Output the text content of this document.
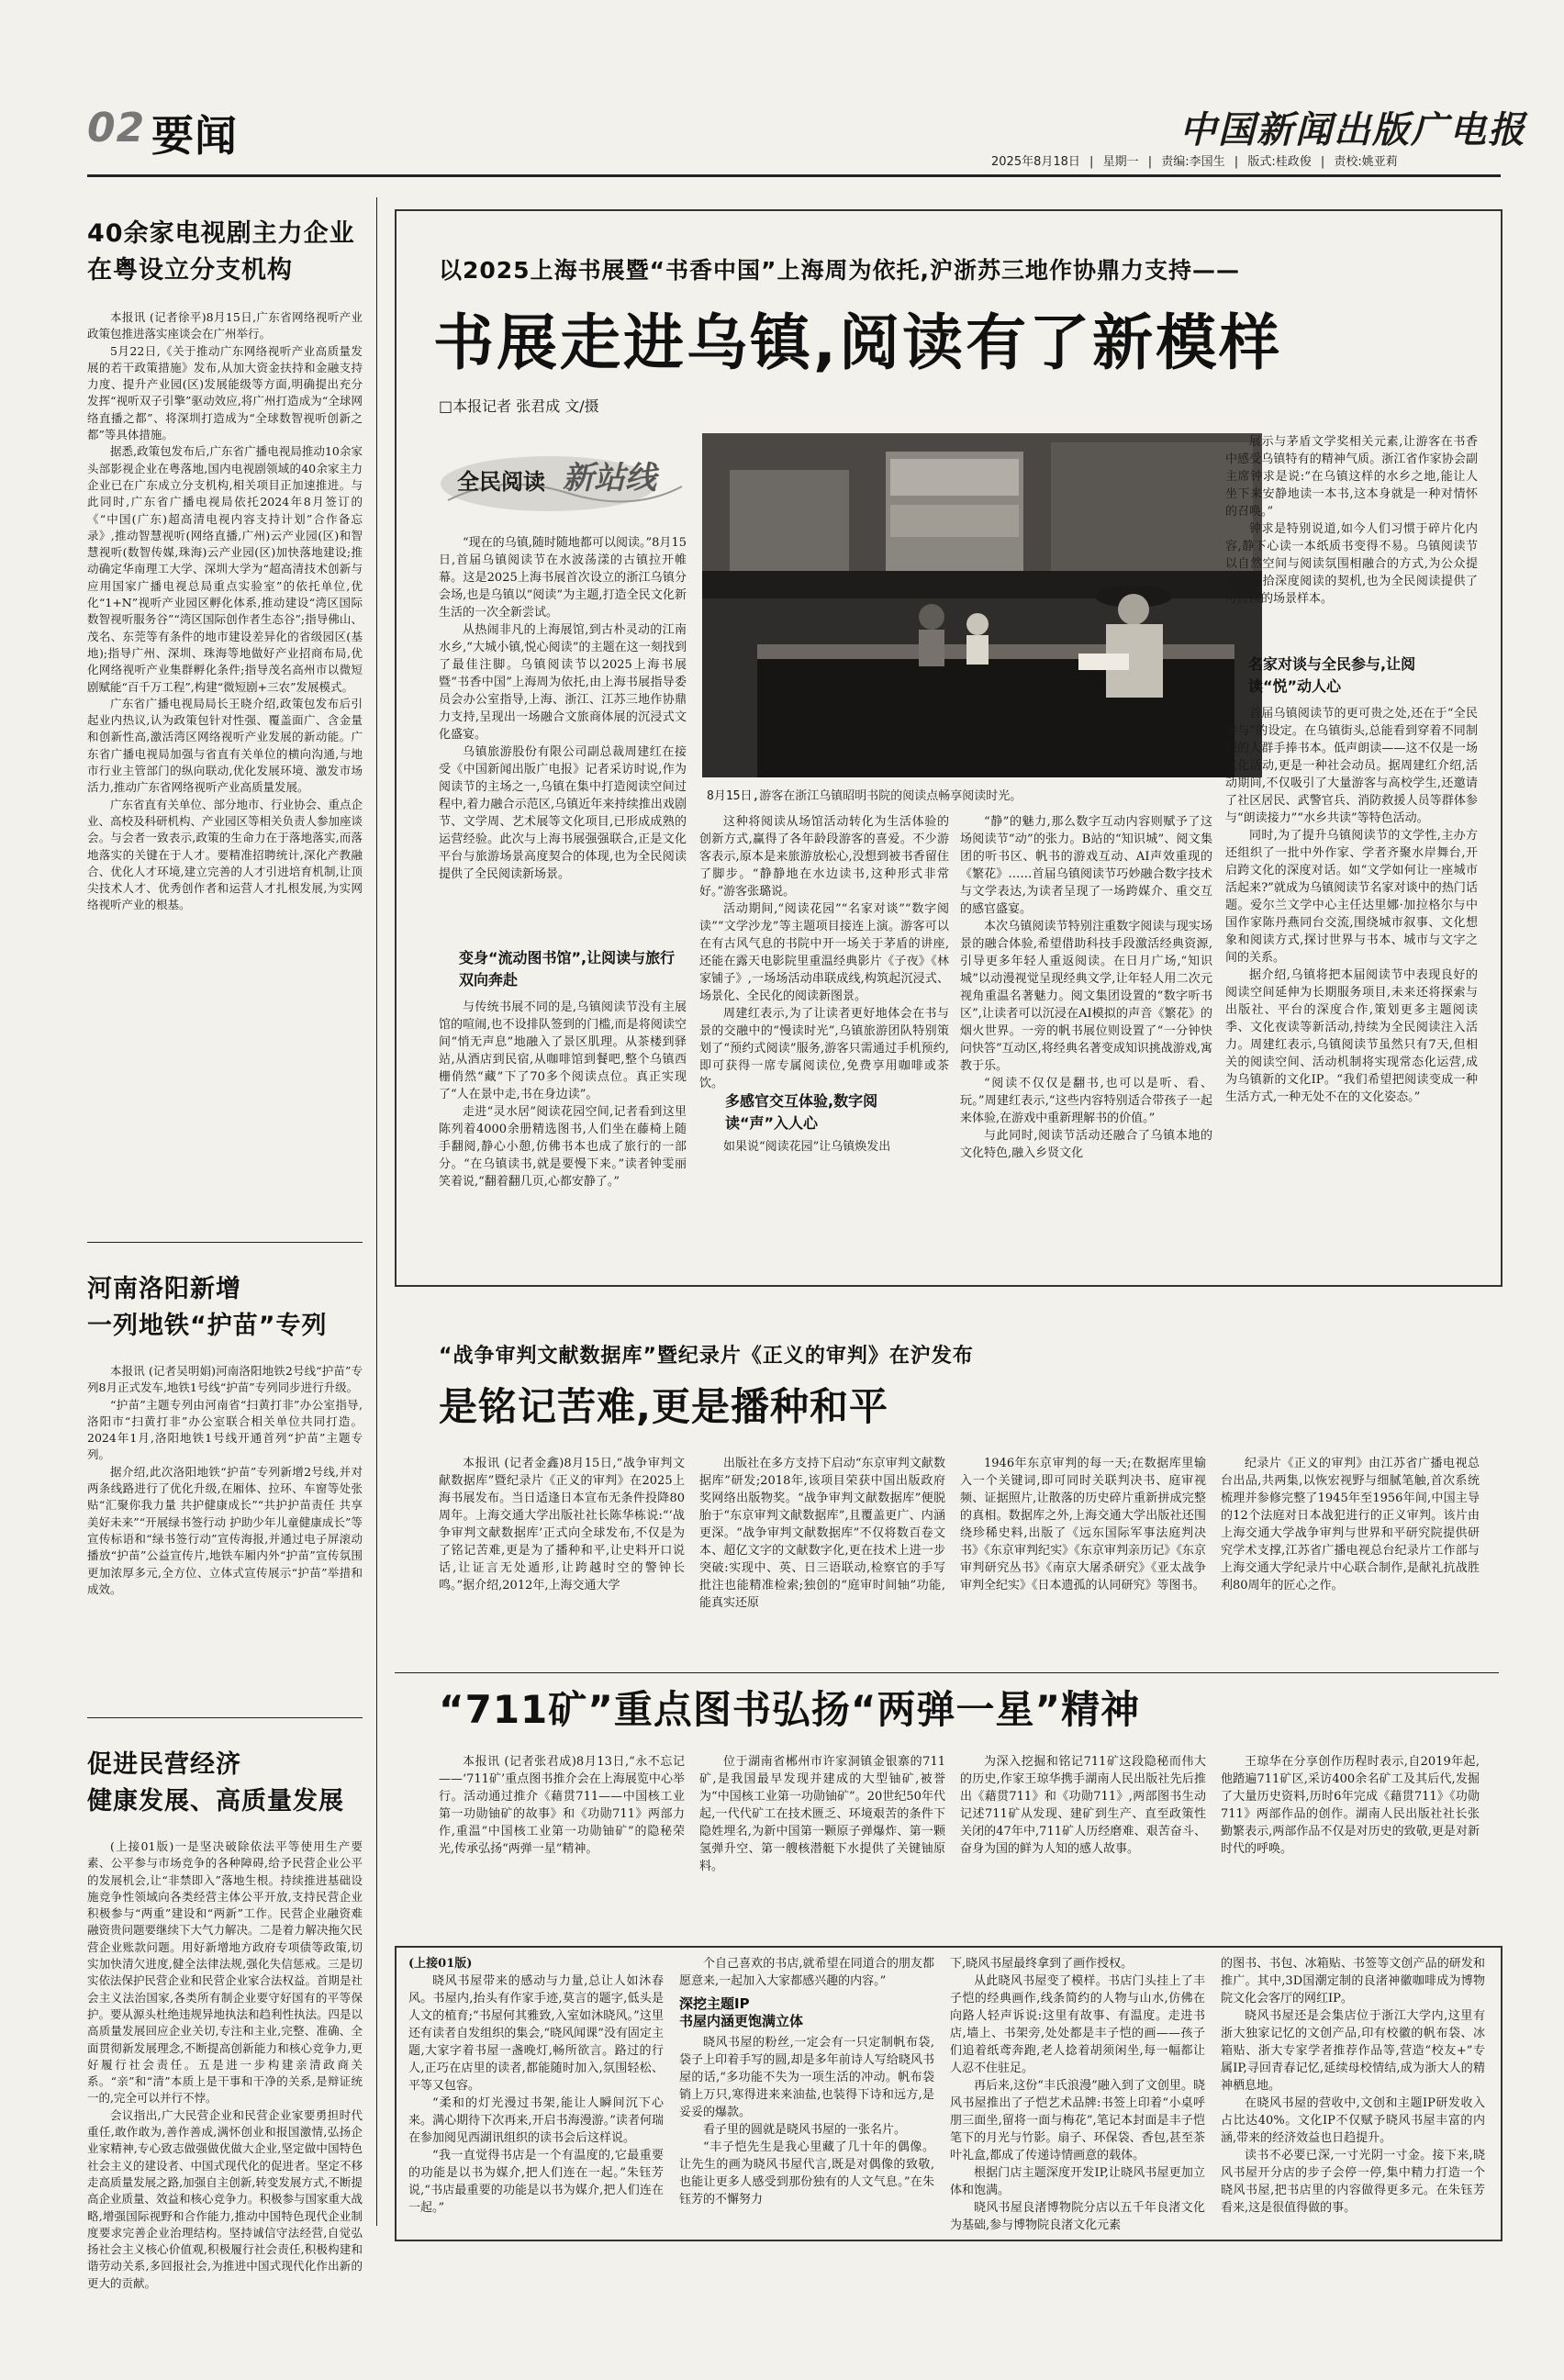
02 要闻	中国新闻出版广电报
2025年8月18日 | 星期一 | 责编:李国生 | 版式:桂政俊 | 责校:姚亚莉
40余家电视剧主力企业
在粤设立分支机构

本报讯 (记者徐平)8月15日,广东省网络视听产业政策包推进落实座谈会在广州举行。

5月22日,《关于推动广东网络视听产业高质量发展的若干政策措施》发布,从加大资金扶持和金融支持力度、提升产业园(区)发展能级等方面,明确提出充分发挥“视听双子引擎”驱动效应,将广州打造成为“全球网络直播之都”、将深圳打造成为“全球数智视听创新之都”等具体措施。

据悉,政策包发布后,广东省广播电视局推动10余家头部影视企业在粤落地,国内电视剧领域的40余家主力企业已在广东成立分支机构,相关项目正加速推进。与此同时,广东省广播电视局依托2024年8月签订的《“中国(广东)超高清电视内容支持计划”合作备忘录》,推动智慧视听(网络直播,广州)云产业园(区)和智慧视听(数智传媒,珠海)云产业园(区)加快落地建设;推动确定华南理工大学、深圳大学为“超高清技术创新与应用国家广播电视总局重点实验室”的依托单位,优化“1+N”视听产业园区孵化体系,推动建设“湾区国际数智视听服务谷”“湾区国际创作者生态谷”;指导佛山、茂名、东莞等有条件的地市建设差异化的省级园区(基地);指导广州、深圳、珠海等地做好产业招商布局,优化网络视听产业集群孵化条件;指导茂名高州市以微短剧赋能“百千万工程”,构建“微短剧+三农”发展模式。

广东省广播电视局局长王晓介绍,政策包发布后引起业内热议,认为政策包针对性强、覆盖面广、含金量和创新性高,激活湾区网络视听产业发展的新动能。广东省广播电视局加强与省直有关单位的横向沟通,与地市行业主管部门的纵向联动,优化发展环境、激发市场活力,推动广东省网络视听产业高质量发展。

广东省直有关单位、部分地市、行业协会、重点企业、高校及科研机构、产业园区等相关负责人参加座谈会。与会者一致表示,政策的生命力在于落地落实,而落地落实的关键在于人才。要精准招聘统计,深化产教融合、优化人才环境,建立完善的人才引进培育机制,让顶尖技术人才、优秀创作者和运营人才扎根发展,为实网络视听产业的根基。

河南洛阳新增
一列地铁“护苗”专列

本报讯 (记者吴明娟)河南洛阳地铁2号线“护苗”专列8月正式发车,地铁1号线“护苗”专列同步进行升级。

“护苗”主题专列由河南省“扫黄打非”办公室指导,洛阳市“扫黄打非”办公室联合相关单位共同打造。2024年1月,洛阳地铁1号线开通首列“护苗”主题专列。

据介绍,此次洛阳地铁“护苗”专列新增2号线,并对两条线路进行了优化升级,在厢体、拉环、车窗等处张贴“汇聚你我力量 共护健康成长”“共护护苗责任 共享美好未来”“开展绿书签行动 护助少年儿童健康成长”等宣传标语和“绿书签行动”宣传海报,并通过电子屏滚动播放“护苗”公益宣传片,地铁车厢内外“护苗”宣传氛围更加浓厚多元,全方位、立体式宣传展示“护苗”举措和成效。

促进民营经济
健康发展、高质量发展

(上接01版)一是坚决破除依法平等使用生产要素、公平参与市场竞争的各种障碍,给予民营企业公平的发展机会,让“非禁即入”落地生根。持续推进基础设施竞争性领域向各类经营主体公平开放,支持民营企业积极参与“两重”建设和“两新”工作。民营企业融资难融资贵问题要继续下大气力解决。二是着力解决拖欠民营企业账款问题。用好新增地方政府专项债等政策,切实加快清欠进度,健全法律法规,强化失信惩戒。三是切实依法保护民营企业和民营企业家合法权益。首期是社会主义法治国家,各类所有制企业要守好国有的平等保护。要从源头杜绝违规异地执法和趋利性执法。四是以高质量发展回应企业关切,专注和主业,完整、准确、全面贯彻新发展理念,不断提高创新能力和核心竞争力,更好履行社会责任。五是进一步构建亲清政商关系。“亲”和“清”本质上是干事和干净的关系,是辩证统一的,完全可以并行不悖。

会议指出,广大民营企业和民营企业家要勇担时代重任,敢作敢为,善作善成,满怀创业和报国激情,弘扬企业家精神,专心致志做强做优做大企业,坚定做中国特色社会主义的建设者、中国式现代化的促进者。坚定不移走高质量发展之路,加强自主创新,转变发展方式,不断提高企业质量、效益和核心竞争力。积极参与国家重大战略,增强国际视野和合作能力,推动中国特色现代企业制度要求完善企业治理结构。坚持诚信守法经营,自觉弘扬社会主义核心价值观,积极履行社会责任,积极构建和谐劳动关系,多回报社会,为推进中国式现代化作出新的更大的贡献。

以2025上海书展暨“书香中国”上海周为依托,沪浙苏三地作协鼎力支持——
书展走进乌镇,阅读有了新模样
□本报记者 张君成 文/摄
全民阅读 新站线
8月15日,游客在浙江乌镇昭明书院的阅读点畅享阅读时光。

“现在的乌镇,随时随地都可以阅读。”8月15日,首届乌镇阅读节在水波荡漾的古镇拉开帷幕。这是2025上海书展首次设立的浙江乌镇分会场,也是乌镇以“阅读”为主题,打造全民文化新生活的一次全新尝试。

从热闹非凡的上海展馆,到古朴灵动的江南水乡,“大城小镇,悦心阅读”的主题在这一刻找到了最佳注脚。乌镇阅读节以2025上海书展暨“书香中国”上海周为依托,由上海书展指导委员会办公室指导,上海、浙江、江苏三地作协鼎力支持,呈现出一场融合文旅商体展的沉浸式文化盛宴。

乌镇旅游股份有限公司副总裁周建红在接受《中国新闻出版广电报》记者采访时说,作为阅读节的主场之一,乌镇在集中打造阅读空间过程中,着力融合示范区,乌镇近年来持续推出戏剧节、文学周、艺术展等文化项目,已形成成熟的运营经验。此次与上海书展强强联合,正是文化平台与旅游场景高度契合的体现,也为全民阅读提供了全民阅读新场景。

变身“流动图书馆”,让阅读与旅行双向奔赴

与传统书展不同的是,乌镇阅读节没有主展馆的喧闹,也不设排队签到的门槛,而是将阅读空间“悄无声息”地融入了景区肌理。从茶楼到驿站,从酒店到民宿,从咖啡馆到餐吧,整个乌镇西栅俏然“藏”下了70多个阅读点位。真正实现了“人在景中走,书在身边读”。

走进“灵水居”阅读花园空间,记者看到这里陈列着4000余册精选图书,人们坐在藤椅上随手翻阅,静心小憩,仿佛书本也成了旅行的一部分。“在乌镇读书,就是要慢下来。”读者钟雯丽笑着说,“翻着翻几页,心都安静了。”

这种将阅读从场馆活动转化为生活体验的创新方式,赢得了各年龄段游客的喜爱。不少游客表示,原本是来旅游放松心,没想到被书香留住了脚步。“静静地在水边读书,这种形式非常好。”游客张璐说。

活动期间,“阅读花园”“名家对谈”“数字阅读”“文学沙龙”等主题项目接连上演。游客可以在有古风气息的书院中开一场关于茅盾的讲座,还能在露天电影院里重温经典影片《子夜》《林家铺子》,一场场活动串联成线,构筑起沉浸式、场景化、全民化的阅读新图景。

周建红表示,为了让读者更好地体会在书与景的交融中的“慢读时光”,乌镇旅游团队特别策划了“预约式阅读”服务,游客只需通过手机预约,即可获得一席专属阅读位,免费享用咖啡或茶饮。

多感官交互体验,数字阅读“声”入人心

如果说“阅读花园”让乌镇焕发出

“静”的魅力,那么数字互动内容则赋予了这场阅读节“动”的张力。B站的“知识城”、阅文集团的听书区、帆书的游戏互动、AI声效重现的《繁花》……首届乌镇阅读节巧妙融合数字技术与文学表达,为读者呈现了一场跨媒介、重交互的感官盛宴。

本次乌镇阅读节特别注重数字阅读与现实场景的融合体验,希望借助科技手段激活经典资源,引导更多年轻人重返阅读。在日月广场,“知识城”以动漫视觉呈现经典文学,让年轻人用二次元视角重温名著魅力。阅文集团设置的“数字听书区”,让读者可以沉浸在AI模拟的声音《繁花》的烟火世界。一旁的帆书展位则设置了“一分钟快问快答”互动区,将经典名著变成知识挑战游戏,寓教于乐。

“阅读不仅仅是翻书,也可以是听、看、玩。”周建红表示,“这些内容特别适合带孩子一起来体验,在游戏中重新理解书的价值。”

与此同时,阅读节活动还融合了乌镇本地的文化特色,融入乡贤文化

展示与茅盾文学奖相关元素,让游客在书香中感受乌镇特有的精神气质。浙江省作家协会副主席钟求是说:“在乌镇这样的水乡之地,能让人坐下来安静地读一本书,这本身就是一种对情怀的召唤。”

钟求是特别说道,如今人们习惯于碎片化内容,静下心读一本纸质书变得不易。乌镇阅读节以自然空间与阅读氛围相融合的方式,为公众提供了重拾深度阅读的契机,也为全民阅读提供了可持续的场景样本。

名家对谈与全民参与,让阅读“悦”动人心

首届乌镇阅读节的更可贵之处,还在于“全民参与”的设定。在乌镇街头,总能看到穿着不同制服的人群手捧书本。低声朗读——这不仅是一场文化活动,更是一种社会动员。据周建红介绍,活动期间,不仅吸引了大量游客与高校学生,还邀请了社区居民、武警官兵、消防救援人员等群体参与“朗读接力”“水乡共读”等特色活动。

同时,为了提升乌镇阅读节的文学性,主办方还组织了一批中外作家、学者齐聚水岸舞台,开启跨文化的深度对话。如“文学如何让一座城市活起来?”就成为乌镇阅读节名家对谈中的热门话题。爱尔兰文学中心主任达里娜·加拉格尔与中国作家陈丹燕同台交流,围绕城市叙事、文化想象和阅读方式,探讨世界与书本、城市与文字之间的关系。

据介绍,乌镇将把本届阅读节中表现良好的阅读空间延伸为长期服务项目,未来还将探索与出版社、平台的深度合作,策划更多主题阅读季、文化夜读等新活动,持续为全民阅读注入活力。周建红表示,乌镇阅读节虽然只有7天,但相关的阅读空间、活动机制将实现常态化运营,成为乌镇新的文化IP。“我们希望把阅读变成一种生活方式,一种无处不在的文化姿态。”

“战争审判文献数据库”暨纪录片《正义的审判》在沪发布
是铭记苦难,更是播种和平

本报讯 (记者金鑫)8月15日,“战争审判文献数据库”暨纪录片《正义的审判》在2025上海书展发布。当日适逢日本宣布无条件投降80周年。上海交通大学出版社社长陈华栋说:“‘战争审判文献数据库’正式向全球发布,不仅是为了铭记苦难,更是为了播种和平,让史料开口说话,让证言无处遁形,让跨越时空的警钟长鸣。”据介绍,2012年,上海交通大学

出版社在多方支持下启动“东京审判文献数据库”研发;2018年,该项目荣获中国出版政府奖网络出版物奖。“战争审判文献数据库”便脱胎于“东京审判文献数据库”,且覆盖更广、内涵更深。“战争审判文献数据库”不仅将数百卷文本、超亿文字的文献数字化,更在技术上进一步突破:实现中、英、日三语联动,检察官的手写批注也能精准检索;独创的“庭审时间轴”功能,能真实还原

1946年东京审判的每一天;在数据库里输入一个关键词,即可同时关联判决书、庭审视频、证据照片,让散落的历史碎片重新拼成完整的真相。数据库之外,上海交通大学出版社还围绕珍稀史料,出版了《远东国际军事法庭判决书》《东京审判纪实》《东京审判亲历记》《东京审判研究丛书》《南京大屠杀研究》《亚太战争审判全纪实》《日本遗孤的认同研究》等图书。

纪录片《正义的审判》由江苏省广播电视总台出品,共两集,以恢宏视野与细腻笔触,首次系统梳理并参修完整了1945年至1956年间,中国主导的12个法庭对日本战犯进行的正义审判。该片由上海交通大学战争审判与世界和平研究院提供研究学术支撑,江苏省广播电视总台纪录片工作部与上海交通大学纪录片中心联合制作,是献礼抗战胜利80周年的匠心之作。

“711矿”重点图书弘扬“两弹一星”精神

本报讯 (记者张君成)8月13日,“永不忘记——‘711矿’重点图书推介会在上海展览中心举行。活动通过推介《藉贯711——中国核工业第一功勋铀矿的故事》和《功勋711》两部力作,重温“中国核工业第一功勋铀矿”的隐秘荣光,传承弘扬“两弹一星”精神。

位于湖南省郴州市许家洞镇金银寨的711矿,是我国最早发现并建成的大型铀矿,被誉为“中国核工业第一功勋铀矿”。20世纪50年代起,一代代矿工在技术匮乏、环境艰苦的条件下隐姓埋名,为新中国第一颗原子弹爆炸、第一颗氢弹升空、第一艘核潜艇下水提供了关键铀原料。

为深入挖掘和铭记711矿这段隐秘而伟大的历史,作家王琼华携手湖南人民出版社先后推出《藉贯711》和《功勋711》,两部图书生动记述711矿从发现、建矿到生产、直至政策性关闭的47年中,711矿人历经磨难、艰苦奋斗、奋身为国的鲜为人知的感人故事。

王琼华在分享创作历程时表示,自2019年起,他踏遍711矿区,采访400余名矿工及其后代,发掘了大量历史资料,历时6年完成《藉贯711》《功勋711》两部作品的创作。湖南人民出版社社长张勤繁表示,两部作品不仅是对历史的致敬,更是对新时代的呼唤。

(上接01版)

晓风书屋带来的感动与力量,总让人如沐春风。书屋内,抬头有作家手迹,莫言的题字,低头是人文的植育;“书屋何其雅致,入室如沐晓风。”这里还有读者自发组织的集会,“晓风闻课”没有固定主题,大家字着书屋一盏晚灯,畅所欲言。路过的行人,正巧在店里的读者,都能随时加入,氛围轻松、平等又包容。

“柔和的灯光漫过书架,能让人瞬间沉下心来。满心期待下次再来,开启书海漫游。”读者何瑞在参加阅见西湖讯组织的读书会后这样说。

“我一直觉得书店是一个有温度的,它最重要的功能是以书为媒介,把人们连在一起。”朱钰芳说,“书店最重要的功能是以书为媒介,把人们连在一起。”

个自己喜欢的书店,就希望在同道合的朋友都愿意来,一起加入大家都感兴趣的内容。”

深挖主题IP

书屋内涵更饱满立体

晓风书屋的粉丝,一定会有一只定制帆布袋,袋子上印着手写的圆,却是多年前诗人写给晓风书屋的话,“多功能不失为一项生活的冲动。帆布袋销上万只,寒得进来来油盐,也装得下诗和远方,是妥妥的爆款。

看子里的圆就是晓风书屋的一张名片。

“丰子恺先生是我心里藏了几十年的偶像。让先生的画为晓风书屋代言,既是对偶像的致敬,也能让更多人感受到那份独有的人文气息。”在朱钰芳的不懈努力

下,晓风书屋最终拿到了画作授权。

从此晓风书屋变了模样。书店门头挂上了丰子恺的经典画作,线条简约的人物与山水,仿佛在向路人轻声诉说:这里有故事、有温度。走进书店,墙上、书架旁,处处都是丰子恺的画——孩子们追着纸鸢奔跑,老人捻着胡须闲坐,每一幅都让人忍不住驻足。

再后来,这份“丰氏浪漫”融入到了文创里。晓风书屋推出了子恺艺术品牌:书签上印着“小桌呼朋三面坐,留将一面与梅花”,笔记本封面是丰子恺笔下的月光与竹影。扇子、环保袋、香包,甚至茶叶礼盒,都成了传递诗情画意的载体。

根据门店主题深度开发IP,让晓风书屋更加立体和饱满。

晓风书屋良渚博物院分店以五千年良渚文化为基础,参与博物院良渚文化元素

的图书、书包、冰箱贴、书签等文创产品的研发和推广。其中,3D国潮定制的良渚神徽咖啡成为博物院文化会客厅的网红IP。

晓风书屋还是会集店位于浙江大学内,这里有浙大独家记忆的文创产品,印有校徽的帆布袋、冰箱贴、浙大专家学者推荐作品等,营造“校友+”专属IP,寻回青春记忆,延续母校情结,成为浙大人的精神栖息地。

在晓风书屋的营收中,文创和主题IP研发收入占比达40%。文化IP不仅赋予晓风书屋丰富的内涵,带来的经济效益也日趋提升。

读书不必要已深,一寸光阴一寸金。接下来,晓风书屋开分店的步子会停一停,集中精力打造一个晓风书屋,把书店里的内容做得更多元。在朱钰芳看来,这是很值得做的事。
